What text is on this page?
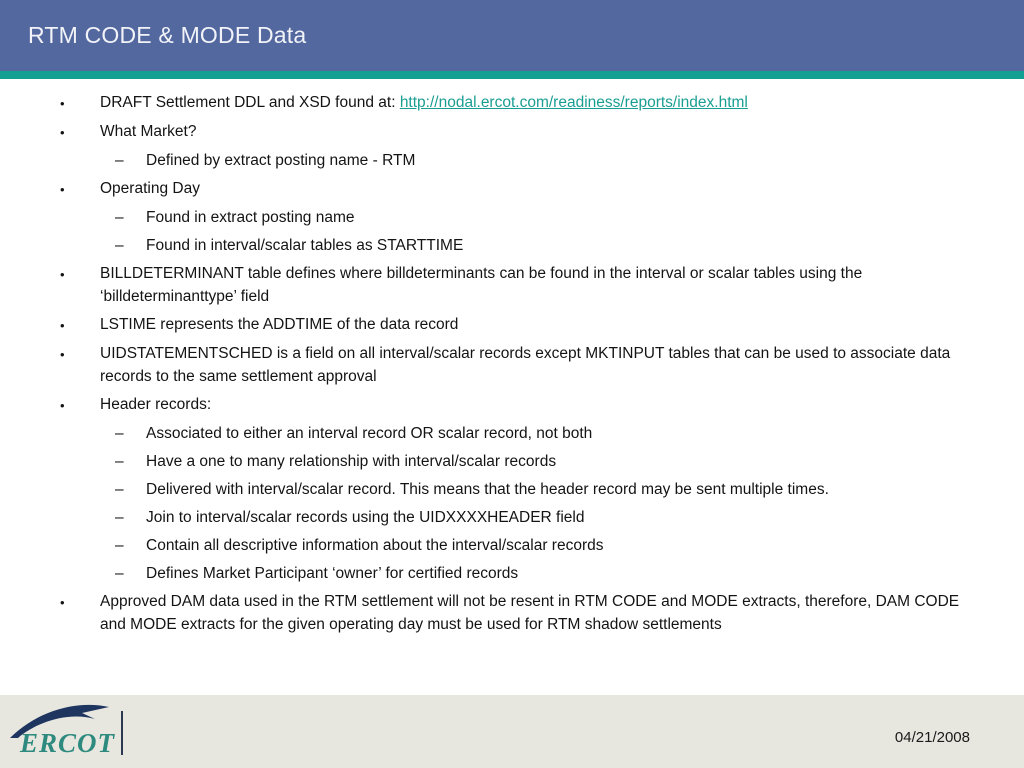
RTM CODE & MODE Data
•	DRAFT Settlement DDL and XSD found at: http://nodal.ercot.com/readiness/reports/index.html
•	What Market?
–	Defined by extract posting name - RTM
•	Operating Day
–	Found in extract posting name
–	Found in interval/scalar tables as STARTTIME
•	BILLDETERMINANT table defines where billdeterminants can be found in the interval or scalar tables using the ‘billdeterminanttype’ field
•	LSTIME represents the ADDTIME of the data record
•	UIDSTATEMENTSCHED is a field on all interval/scalar records except MKTINPUT tables that can be used to associate data records to the same settlement approval
•	Header records:
–	Associated to either an interval record OR scalar record, not both
–	Have a one to many relationship with interval/scalar records
–	Delivered with interval/scalar record. This means that the header record may be sent multiple times.
–	Join to interval/scalar records using the UIDXXXXHEADER field
–	Contain all descriptive information about the interval/scalar records
–	Defines Market Participant ‘owner’ for certified records
•	Approved DAM data used in the RTM settlement will not be resent in RTM CODE and MODE extracts, therefore, DAM CODE and MODE extracts for the given operating day must be used for RTM shadow settlements
ERCOT	04/21/2008
